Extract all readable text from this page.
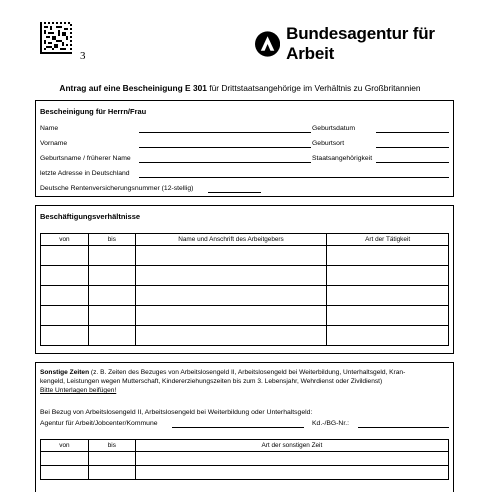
3
Bundesagentur für Arbeit
Antrag auf eine Bescheinigung E 301 für Drittstaatsangehörige im Verhältnis zu Großbritannien
Bescheinigung für Herrn/Frau
Name	Geburtsdatum
Vorname	Geburtsort
Geburtsname / früherer Name	Staatsangehörigkeit
letzte Adresse in Deutschland
Deutsche Rentenversicherungsnummer (12-stellig)
Beschäftigungsverhältnisse
von	bis	Name und Anschrift des Arbeitgebers	Art der Tätigkeit

Sonstige Zeiten (z. B. Zeiten des Bezuges von Arbeitslosengeld II, Arbeitslosengeld bei Weiterbildung, Unterhaltsgeld, Kran-
kengeld, Leistungen wegen Mutterschaft, Kindererziehungszeiten bis zum 3. Lebensjahr, Wehrdienst oder Zivildienst)
Bitte Unterlagen beifügen!
Bei Bezug von Arbeitslosengeld II, Arbeitslosengeld bei Weiterbildung oder Unterhaltsgeld:
Agentur für Arbeit/Jobcenter/Kommune	Kd.-/BG-Nr.:
von	bis	Art der sonstigen Zeit
